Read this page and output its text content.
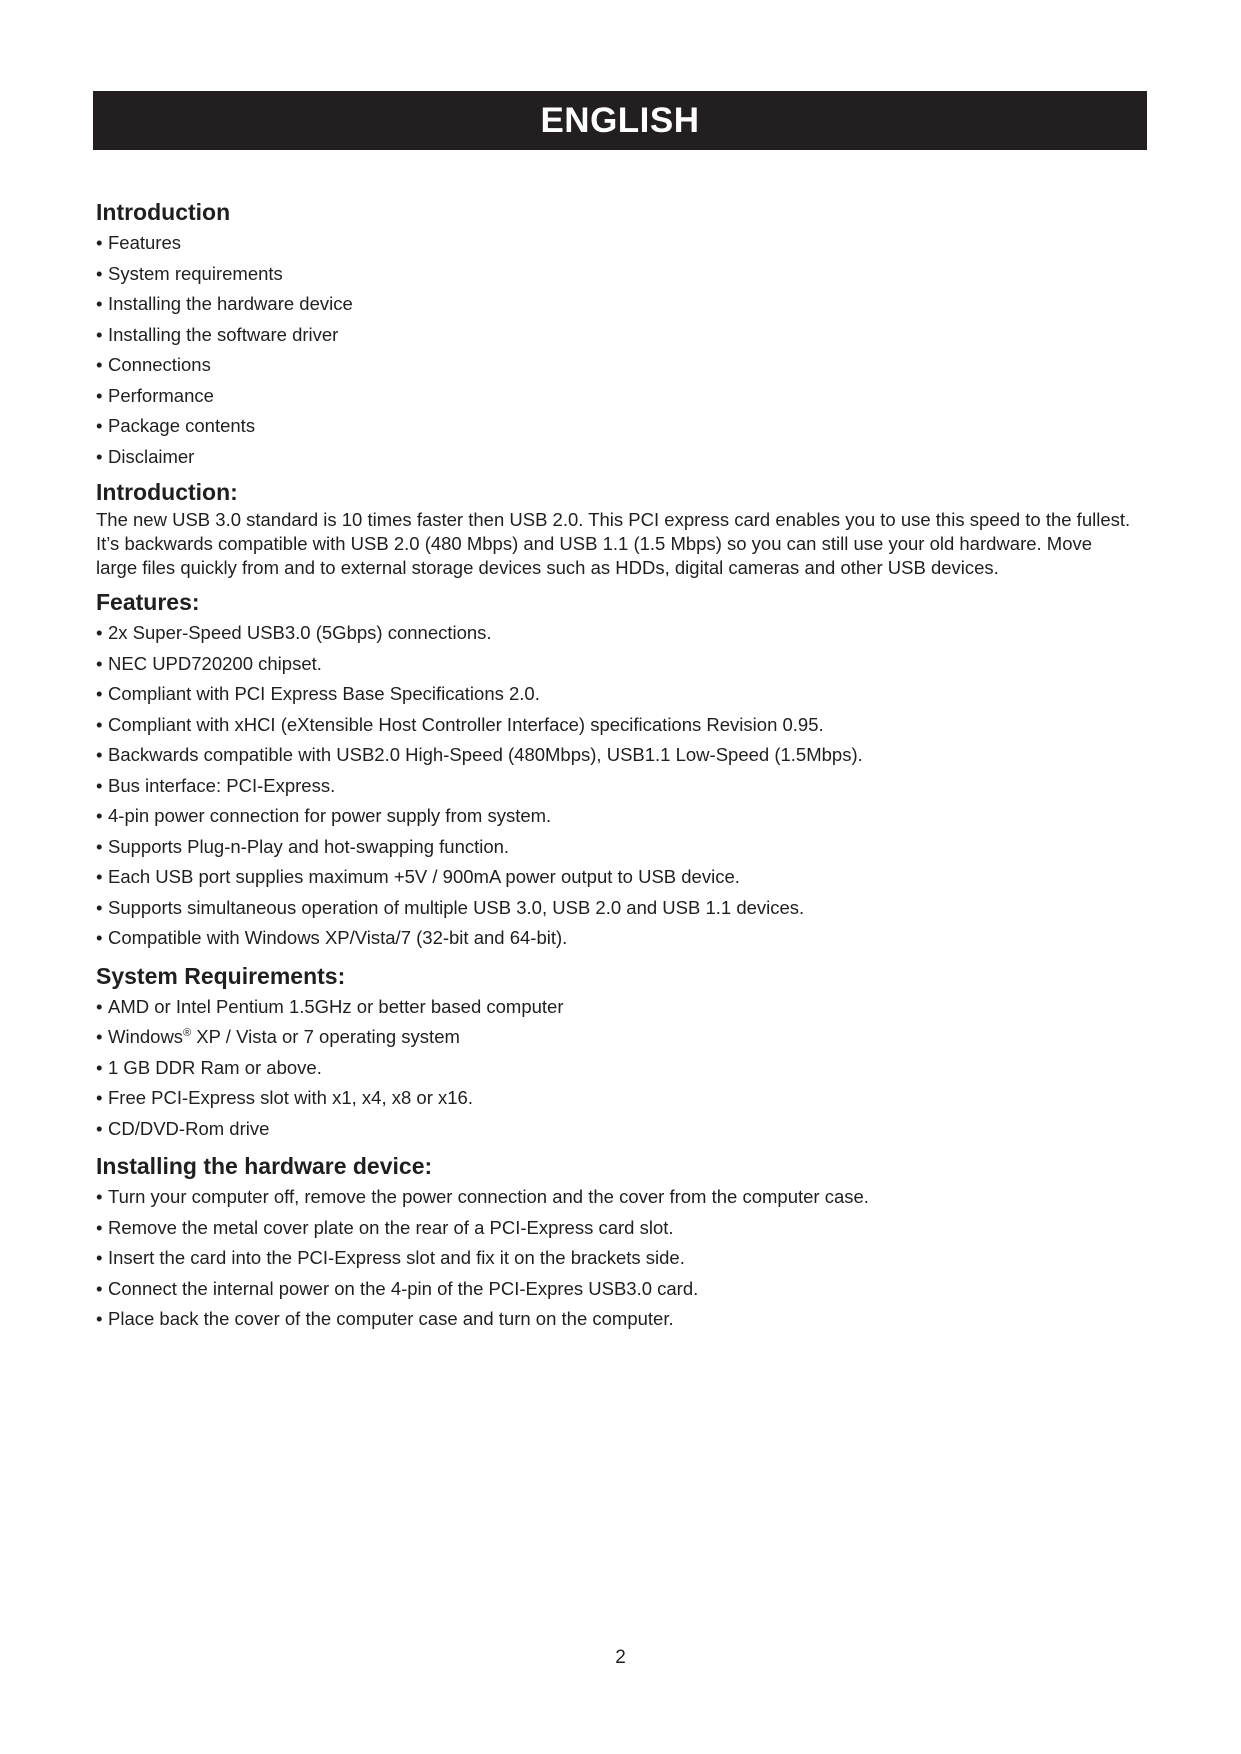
ENGLISH
Introduction
• Features
• System requirements
• Installing the hardware device
• Installing the software driver
• Connections
• Performance
• Package contents
• Disclaimer
Introduction:

The new USB 3.0 standard is 10 times faster then USB 2.0. This PCI express card enables you to use this speed to the fullest. It’s backwards compatible with USB 2.0 (480 Mbps) and USB 1.1 (1.5 Mbps) so you can still use your old hardware. Move large files quickly from and to external storage devices such as HDDs, digital cameras and other USB devices.

Features:
• 2x Super-Speed USB3.0 (5Gbps) connections.
• NEC UPD720200 chipset.
• Compliant with PCI Express Base Specifications 2.0.
• Compliant with xHCI (eXtensible Host Controller Interface) specifications Revision 0.95.
• Backwards compatible with USB2.0 High-Speed (480Mbps), USB1.1 Low-Speed (1.5Mbps).
• Bus interface: PCI-Express.
• 4-pin power connection for power supply from system.
• Supports Plug-n-Play and hot-swapping function.
• Each USB port supplies maximum +5V / 900mA power output to USB device.
• Supports simultaneous operation of multiple USB 3.0, USB 2.0 and USB 1.1 devices.
• Compatible with Windows XP/Vista/7 (32-bit and 64-bit).
System Requirements:
• AMD or Intel Pentium 1.5GHz or better based computer
• Windows® XP / Vista or 7 operating system
• 1 GB DDR Ram or above.
• Free PCI-Express slot with x1, x4, x8 or x16.
• CD/DVD-Rom drive
Installing the hardware device:
• Turn your computer off, remove the power connection and the cover from the computer case.
• Remove the metal cover plate on the rear of a PCI-Express card slot.
• Insert the card into the PCI-Express slot and fix it on the brackets side.
• Connect the internal power on the 4-pin of the PCI-Expres USB3.0 card.
• Place back the cover of the computer case and turn on the computer.
2
